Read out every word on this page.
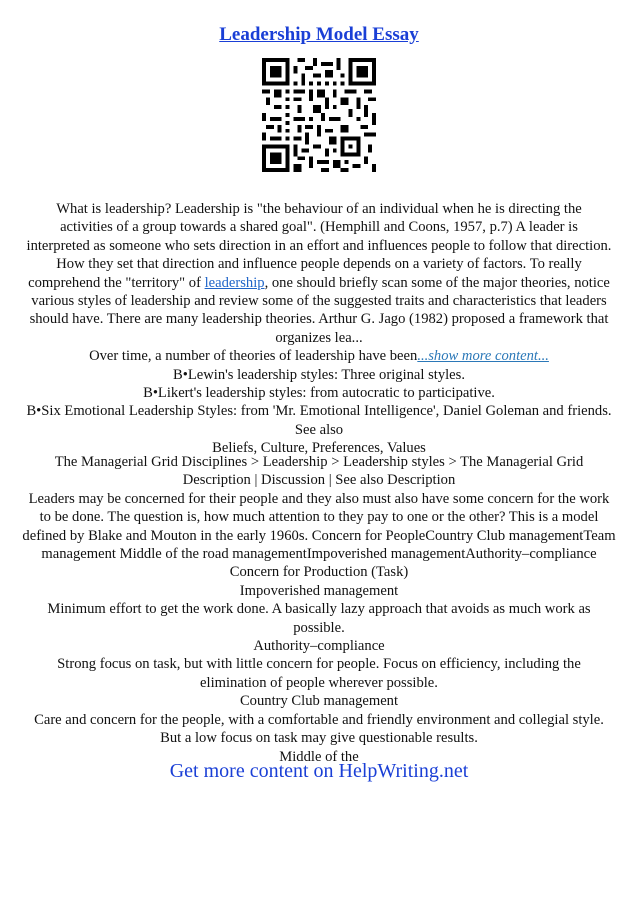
Leadership Model Essay
What is leadership? Leadership is "the behaviour of an individual when he is directing the
activities of a group towards a shared goal". (Hemphill and Coons, 1957, p.7) A leader is
interpreted as someone who sets direction in an effort and influences people to follow that direction.
How they set that direction and influence people depends on a variety of factors. To really
comprehend the "territory" of leadership, one should briefly scan some of the major theories, notice
various styles of leadership and review some of the suggested traits and characteristics that leaders
should have. There are many leadership theories. Arthur G. Jago (1982) proposed a framework that
organizes lea...
Over time, a number of theories of leadership have been...show more content...
B•Lewin's leadership styles: Three original styles.
B•Likert's leadership styles: from autocratic to participative.
B•Six Emotional Leadership Styles: from 'Mr. Emotional Intelligence', Daniel Goleman and friends.
See also
Beliefs, Culture, Preferences, Values
The Managerial Grid Disciplines > Leadership > Leadership styles > The Managerial Grid
Description | Discussion | See also Description
Leaders may be concerned for their people and they also must also have some concern for the work
to be done. The question is, how much attention to they pay to one or the other? This is a model
defined by Blake and Mouton in the early 1960s. Concern for PeopleCountry Club managementTeam
management Middle of the road managementImpoverished managementAuthority–compliance
Concern for Production (Task)
Impoverished management
Minimum effort to get the work done. A basically lazy approach that avoids as much work as
possible.
Authority–compliance
Strong focus on task, but with little concern for people. Focus on efficiency, including the
elimination of people wherever possible.
Country Club management
Care and concern for the people, with a comfortable and friendly environment and collegial style.
But a low focus on task may give questionable results.
Middle of the
Get more content on HelpWriting.net
